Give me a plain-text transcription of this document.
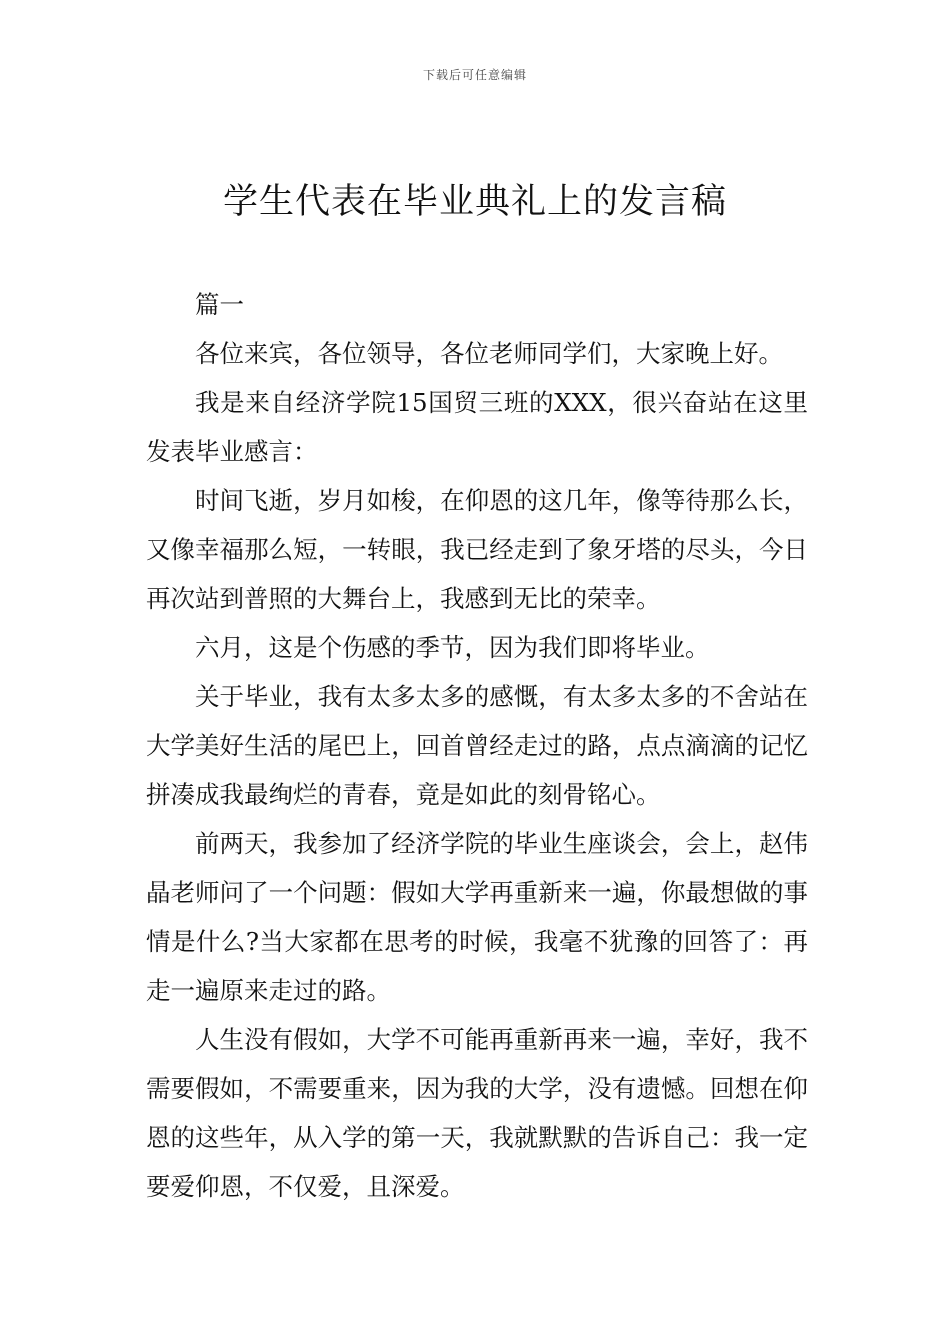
下载后可任意编辑
学生代表在毕业典礼上的发言稿

篇一

各位来宾，各位领导，各位老师同学们，大家晚上好。

我是来自经济学院15国贸三班的XXX，很兴奋站在这里发表毕业感言：

时间飞逝，岁月如梭，在仰恩的这几年，像等待那么长，又像幸福那么短，一转眼，我已经走到了象牙塔的尽头，今日再次站到普照的大舞台上，我感到无比的荣幸。

六月，这是个伤感的季节，因为我们即将毕业。

关于毕业，我有太多太多的感慨，有太多太多的不舍站在大学美好生活的尾巴上，回首曾经走过的路，点点滴滴的记忆拼凑成我最绚烂的青春，竟是如此的刻骨铭心。

前两天，我参加了经济学院的毕业生座谈会，会上，赵伟晶老师问了一个问题：假如大学再重新来一遍，你最想做的事情是什么?当大家都在思考的时候，我毫不犹豫的回答了：再走一遍原来走过的路。

人生没有假如，大学不可能再重新再来一遍，幸好，我不需要假如，不需要重来，因为我的大学，没有遗憾。回想在仰恩的这些年，从入学的第一天，我就默默的告诉自己：我一定要爱仰恩，不仅爱，且深爱。
